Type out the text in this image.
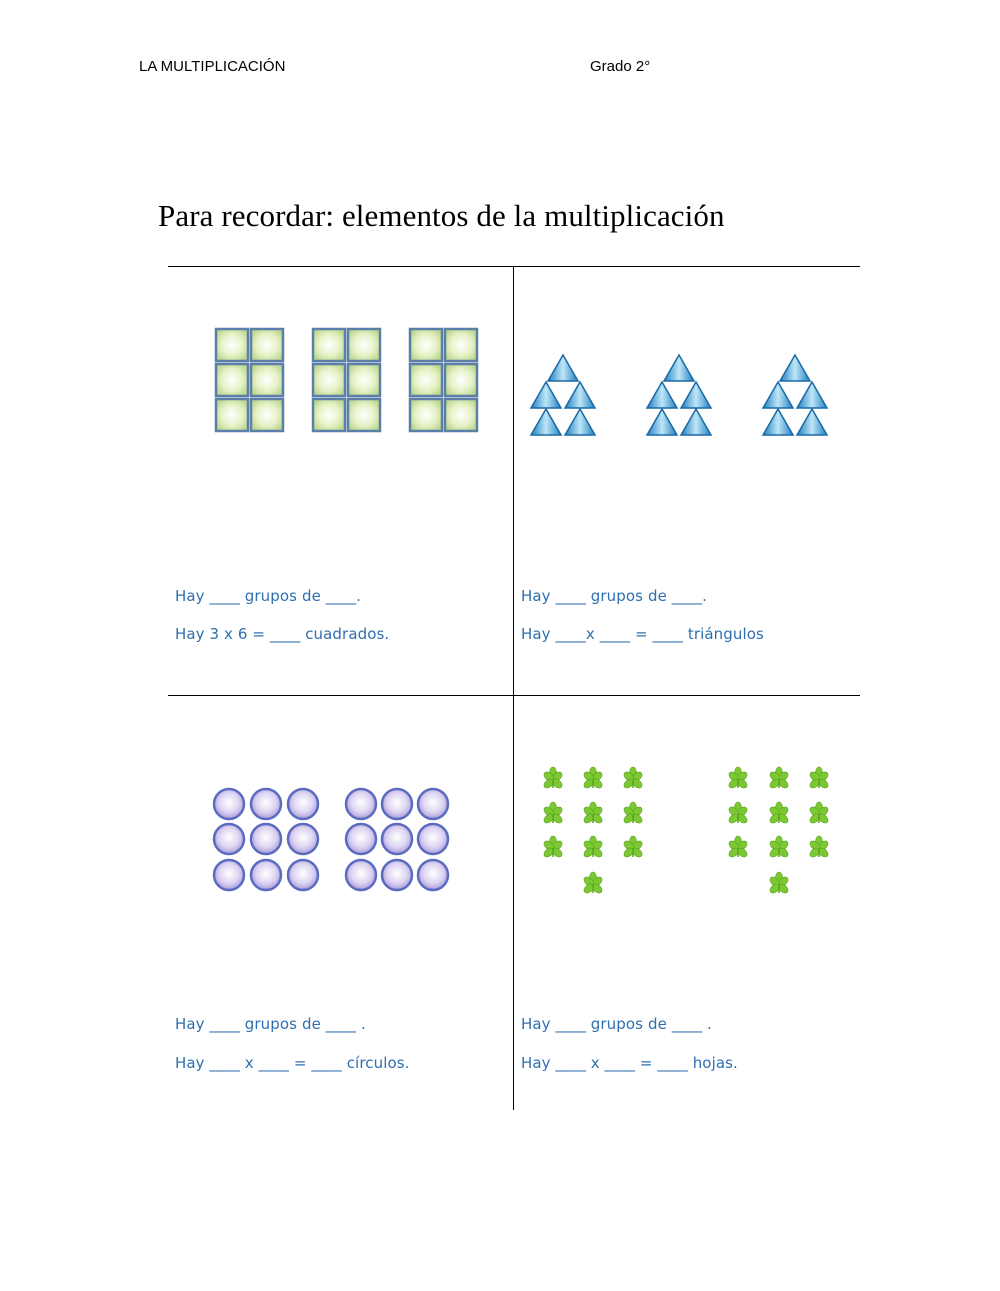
LA MULTIPLICACIÓN	Grado 2°
Para recordar: elementos de la multiplicación
Hay ____ grupos de ____.
Hay 3 x 6 = ____ cuadrados.
Hay ____ grupos de ____.
Hay ____x ____ = ____ triángulos
Hay ____ grupos de ____ .
Hay ____ x ____ = ____ círculos.
Hay ____ grupos de ____ .
Hay ____ x ____ = ____ hojas.
